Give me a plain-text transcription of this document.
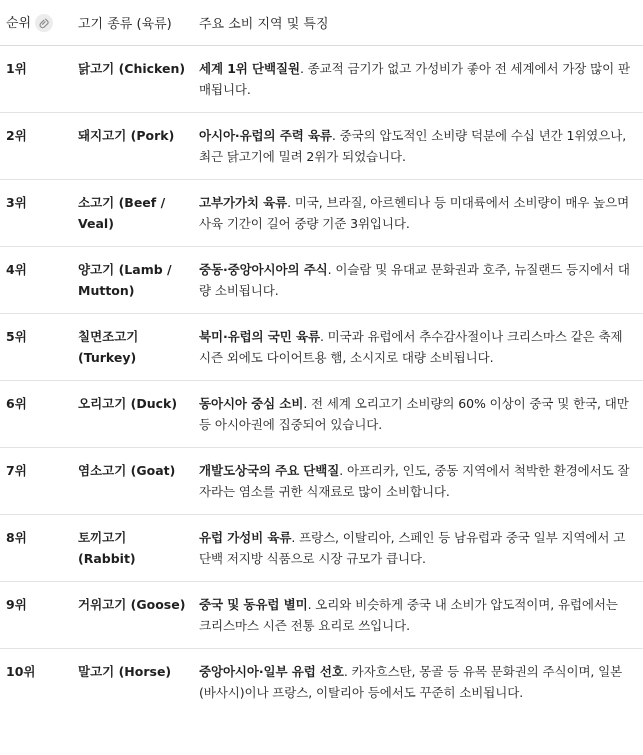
순위	고기 종류 (육류)	주요 소비 지역 및 특징
1위	닭고기 (Chicken)	세계 1위 단백질원. 종교적 금기가 없고 가성비가 좋아 전 세계에서 가장 많이 판매됩니다.
2위	돼지고기 (Pork)	아시아·유럽의 주력 육류. 중국의 압도적인 소비량 덕분에 수십 년간 1위였으나, 최근 닭고기에 밀려 2위가 되었습니다.
3위	소고기 (Beef / Veal)	고부가가치 육류. 미국, 브라질, 아르헨티나 등 미대륙에서 소비량이 매우 높으며 사육 기간이 길어 중량 기준 3위입니다.
4위	양고기 (Lamb / Mutton)	중동·중앙아시아의 주식. 이슬람 및 유대교 문화권과 호주, 뉴질랜드 등지에서 대량 소비됩니다.
5위	칠면조고기 (Turkey)	북미·유럽의 국민 육류. 미국과 유럽에서 추수감사절이나 크리스마스 같은 축제 시즌 외에도 다이어트용 햄, 소시지로 대량 소비됩니다.
6위	오리고기 (Duck)	동아시아 중심 소비. 전 세계 오리고기 소비량의 60% 이상이 중국 및 한국, 대만 등 아시아권에 집중되어 있습니다.
7위	염소고기 (Goat)	개발도상국의 주요 단백질. 아프리카, 인도, 중동 지역에서 척박한 환경에서도 잘 자라는 염소를 귀한 식재료로 많이 소비합니다.
8위	토끼고기 (Rabbit)	유럽 가성비 육류. 프랑스, 이탈리아, 스페인 등 남유럽과 중국 일부 지역에서 고단백 저지방 식품으로 시장 규모가 큽니다.
9위	거위고기 (Goose)	중국 및 동유럽 별미. 오리와 비슷하게 중국 내 소비가 압도적이며, 유럽에서는 크리스마스 시즌 전통 요리로 쓰입니다.
10위	말고기 (Horse)	중앙아시아·일부 유럽 선호. 카자흐스탄, 몽골 등 유목 문화권의 주식이며, 일본(바사시)이나 프랑스, 이탈리아 등에서도 꾸준히 소비됩니다.
